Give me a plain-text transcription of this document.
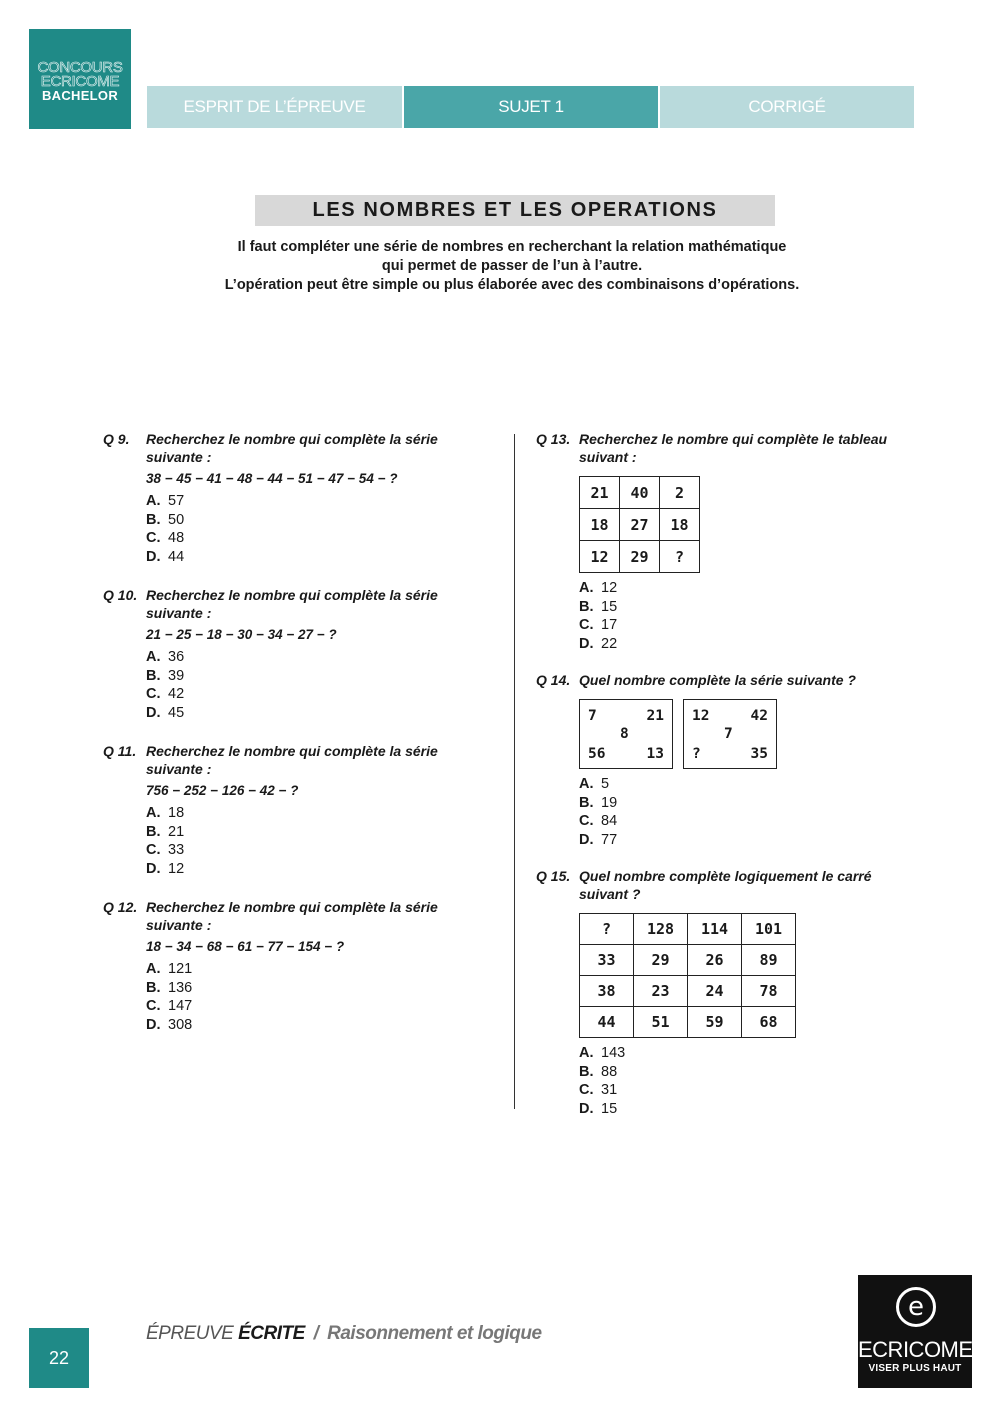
CONCOURS
ECRICOME
BACHELOR
ESPRIT DE L’ÉPREUVE	SUJET 1	CORRIGÉ
LES NOMBRES ET LES OPERATIONS
Il faut compléter une série de nombres en recherchant la relation mathématique
qui permet de passer de l’un à l’autre.
L’opération peut être simple ou plus élaborée avec des combinaisons d’opérations.
Q 9. Recherchez le nombre qui complète la série suivante :
38 − 45 − 41 − 48 − 44 − 51 − 47 − 54 − ?
A. 57
B. 50
C. 48
D. 44
Q 10. Recherchez le nombre qui complète la série suivante :
21 − 25 − 18 − 30 − 34 − 27 − ?
A. 36
B. 39
C. 42
D. 45
Q 11. Recherchez le nombre qui complète la série suivante :
756 − 252 − 126 − 42 − ?
A. 18
B. 21
C. 33
D. 12
Q 12. Recherchez le nombre qui complète la série suivante :
18 − 34 − 68 − 61 − 77 − 154 − ?
A. 121
B. 136
C. 147
D. 308
Q 13. Recherchez le nombre qui complète le tableau suivant :
21	40	2
18	27	18
12	29	?
A. 12
B. 15
C. 17
D. 22
Q 14. Quel nombre complète la série suivante ?
7	21
8
56	13
12	42
7
?	35
A. 5
B. 19
C. 84
D. 77
Q 15. Quel nombre complète logiquement le carré suivant ?
?	128	114	101
33	29	26	89
38	23	24	78
44	51	59	68
A. 143
B. 88
C. 31
D. 15
22
ÉPREUVE ÉCRITE / Raisonnement et logique
e
ECRICOME
VISER PLUS HAUT
